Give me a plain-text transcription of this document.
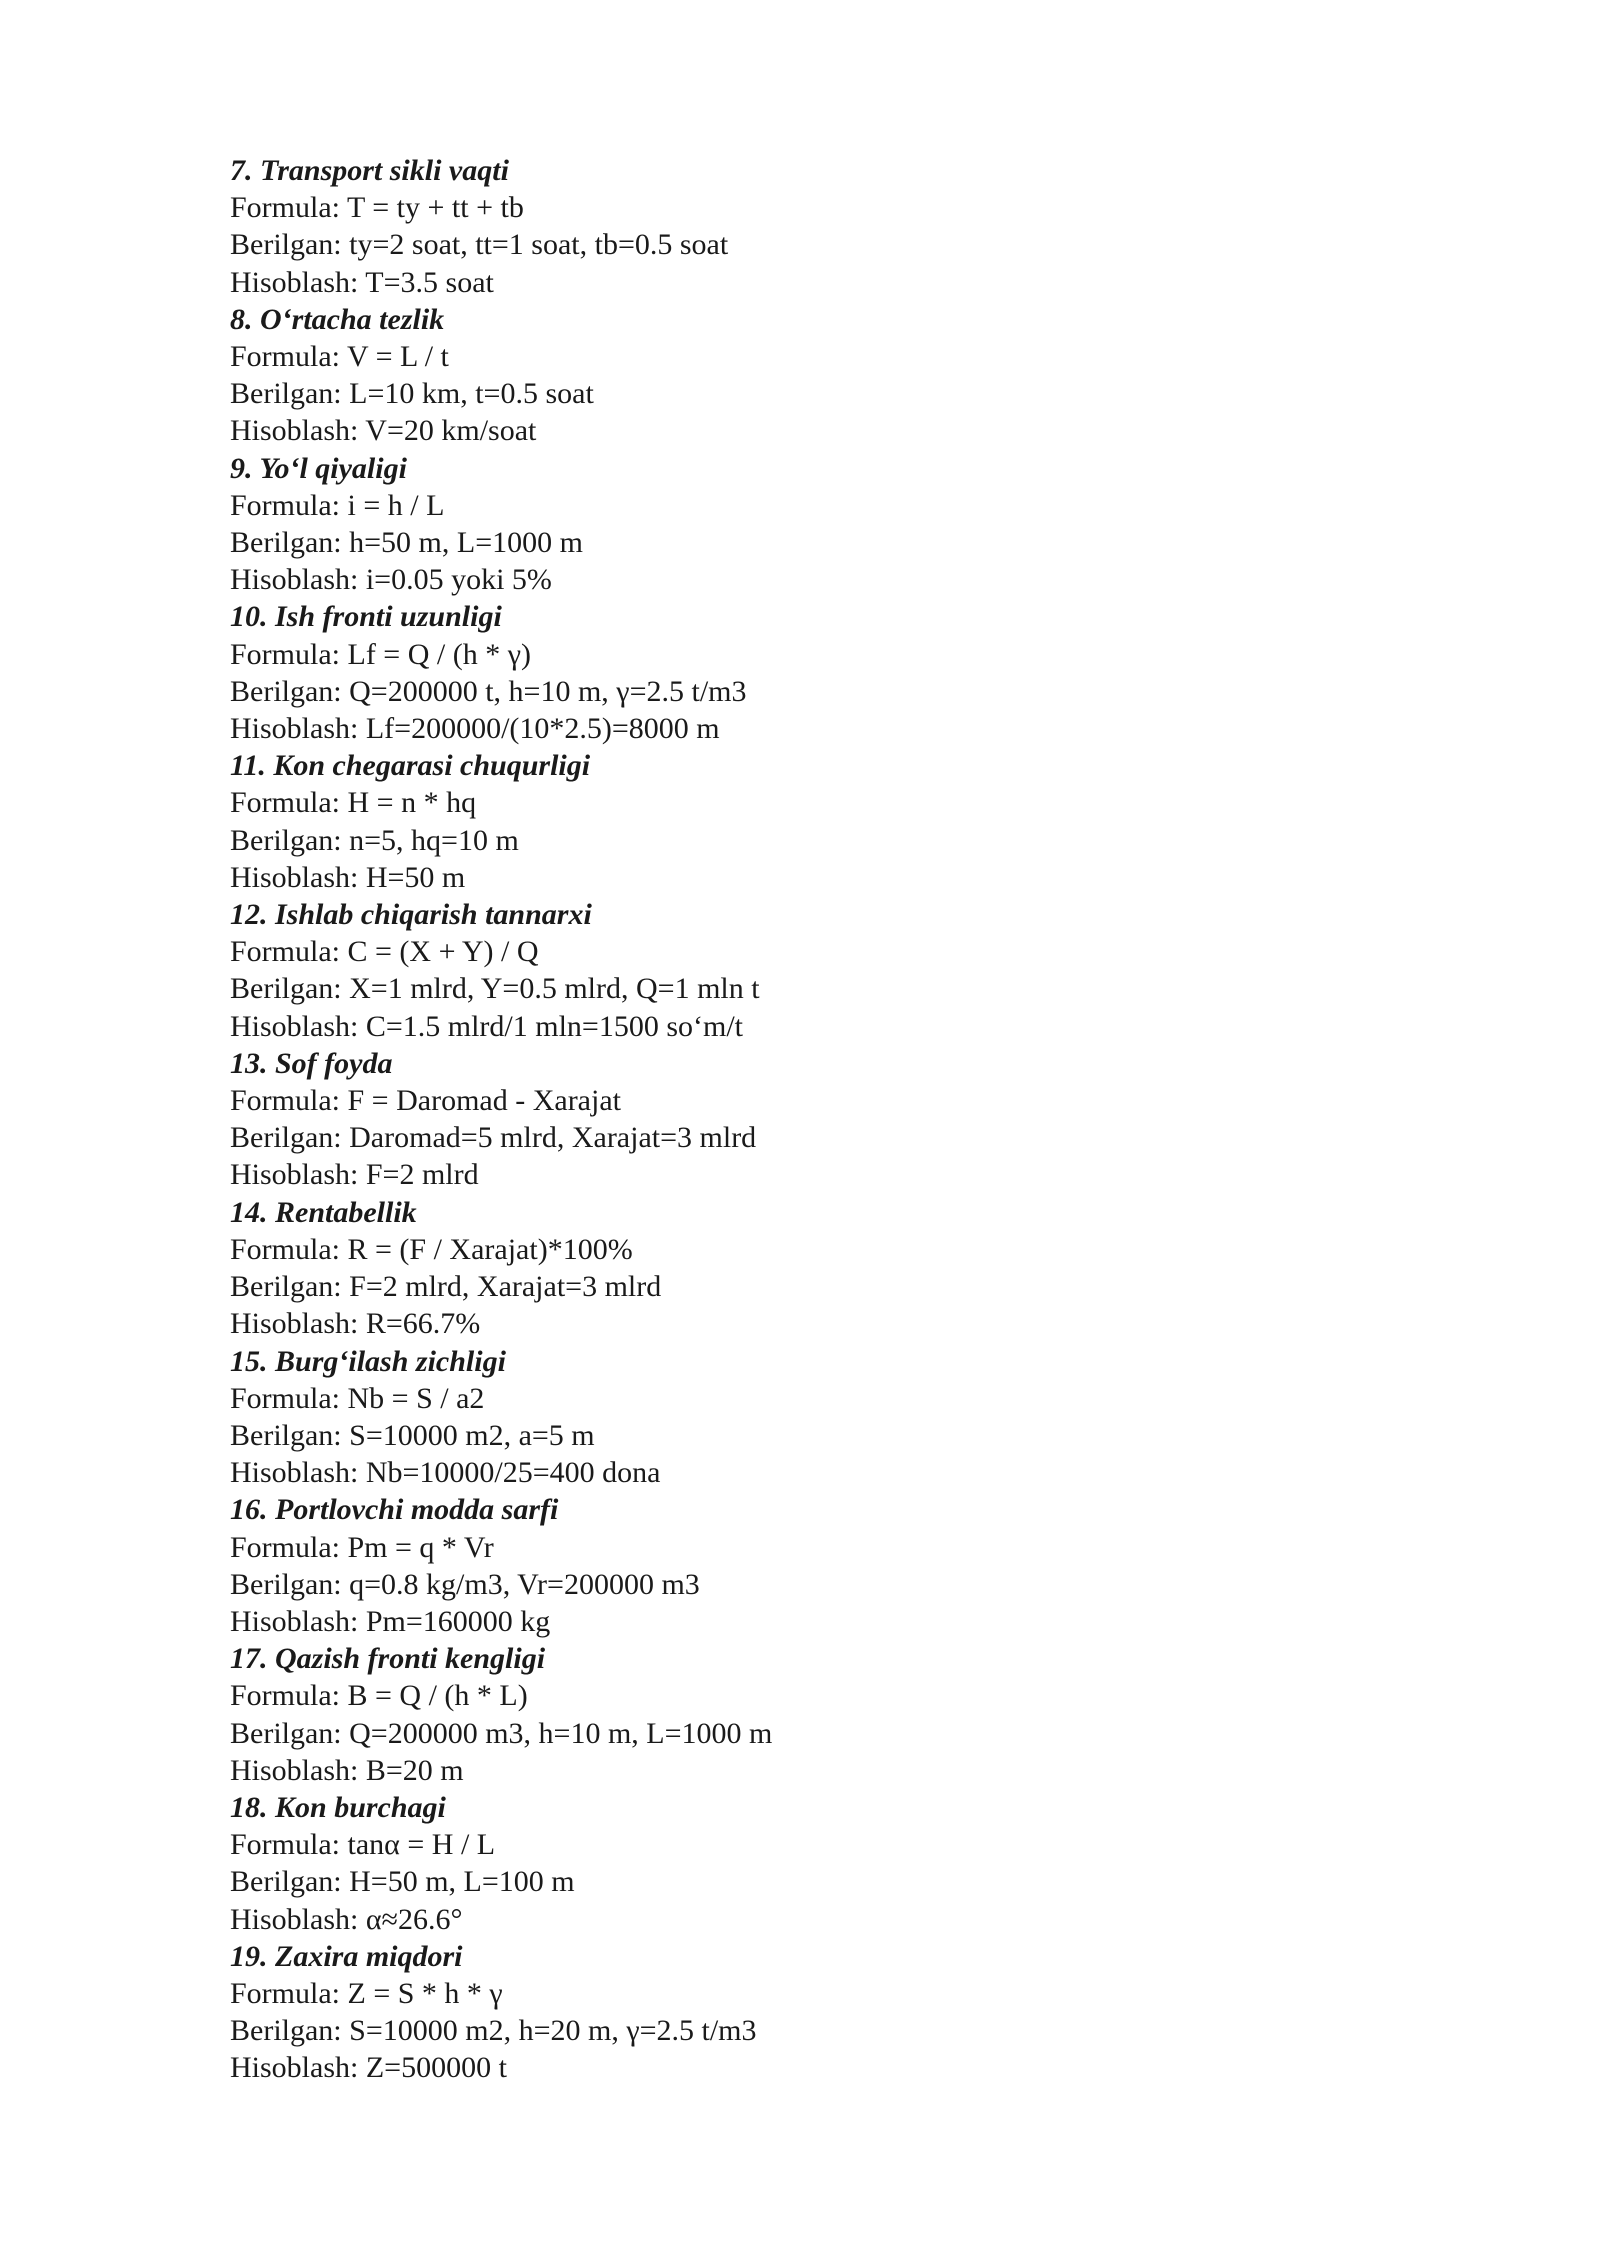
7. Transport sikli vaqti
Formula: T = ty + tt + tb
Berilgan: ty=2 soat, tt=1 soat, tb=0.5 soat
Hisoblash: T=3.5 soat
8. O‘rtacha tezlik
Formula: V = L / t
Berilgan: L=10 km, t=0.5 soat
Hisoblash: V=20 km/soat
9. Yo‘l qiyaligi
Formula: i = h / L
Berilgan: h=50 m, L=1000 m
Hisoblash: i=0.05 yoki 5%
10. Ish fronti uzunligi
Formula: Lf = Q / (h * γ)
Berilgan: Q=200000 t, h=10 m, γ=2.5 t/m3
Hisoblash: Lf=200000/(10*2.5)=8000 m
11. Kon chegarasi chuqurligi
Formula: H = n * hq
Berilgan: n=5, hq=10 m
Hisoblash: H=50 m
12. Ishlab chiqarish tannarxi
Formula: C = (X + Y) / Q
Berilgan: X=1 mlrd, Y=0.5 mlrd, Q=1 mln t
Hisoblash: C=1.5 mlrd/1 mln=1500 so‘m/t
13. Sof foyda
Formula: F = Daromad - Xarajat
Berilgan: Daromad=5 mlrd, Xarajat=3 mlrd
Hisoblash: F=2 mlrd
14. Rentabellik
Formula: R = (F / Xarajat)*100%
Berilgan: F=2 mlrd, Xarajat=3 mlrd
Hisoblash: R=66.7%
15. Burg‘ilash zichligi
Formula: Nb = S / a2
Berilgan: S=10000 m2, a=5 m
Hisoblash: Nb=10000/25=400 dona
16. Portlovchi modda sarfi
Formula: Pm = q * Vr
Berilgan: q=0.8 kg/m3, Vr=200000 m3
Hisoblash: Pm=160000 kg
17. Qazish fronti kengligi
Formula: B = Q / (h * L)
Berilgan: Q=200000 m3, h=10 m, L=1000 m
Hisoblash: B=20 m
18. Kon burchagi
Formula: tanα = H / L
Berilgan: H=50 m, L=100 m
Hisoblash: α≈26.6°
19. Zaxira miqdori
Formula: Z = S * h * γ
Berilgan: S=10000 m2, h=20 m, γ=2.5 t/m3
Hisoblash: Z=500000 t
